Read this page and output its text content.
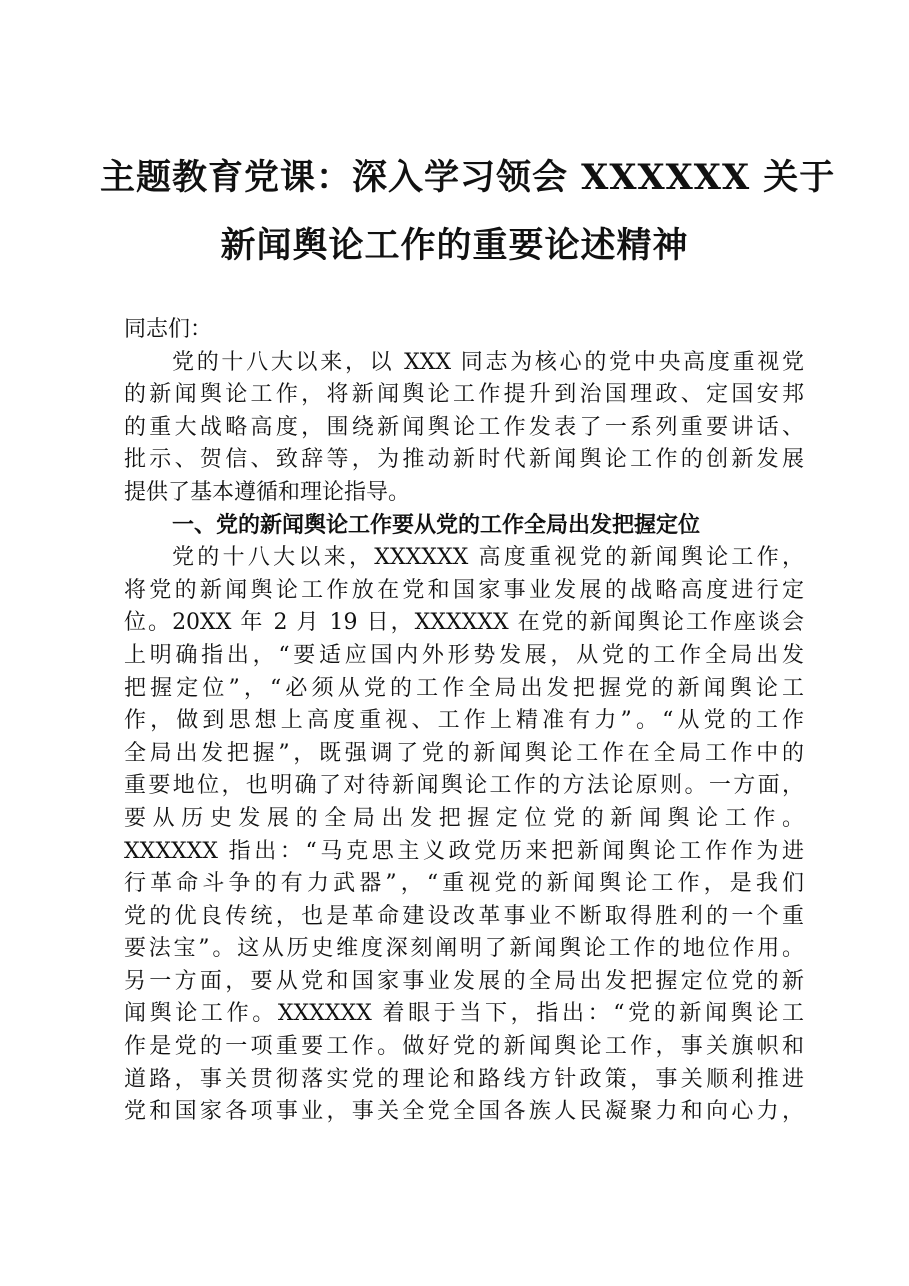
主题教育党课：深入学习领会 XXXXXX 关于
新闻舆论工作的重要论述精神
同志们：
党的十八大以来，以 XXX 同志为核心的党中央高度重视党
的新闻舆论工作，将新闻舆论工作提升到治国理政、定国安邦
的重大战略高度，围绕新闻舆论工作发表了一系列重要讲话、
批示、贺信、致辞等，为推动新时代新闻舆论工作的创新发展
提供了基本遵循和理论指导。
一、党的新闻舆论工作要从党的工作全局出发把握定位
党的十八大以来，XXXXXX 高度重视党的新闻舆论工作，
将党的新闻舆论工作放在党和国家事业发展的战略高度进行定
位。20XX 年 2 月 19 日，XXXXXX 在党的新闻舆论工作座谈会
上明确指出，“要适应国内外形势发展，从党的工作全局出发
把握定位”，“必须从党的工作全局出发把握党的新闻舆论工
作，做到思想上高度重视、工作上精准有力”。“从党的工作
全局出发把握”，既强调了党的新闻舆论工作在全局工作中的
重要地位，也明确了对待新闻舆论工作的方法论原则。一方面，
要从历史发展的全局出发把握定位党的新闻舆论工作。
XXXXXX 指出：“马克思主义政党历来把新闻舆论工作作为进
行革命斗争的有力武器”，“重视党的新闻舆论工作，是我们
党的优良传统，也是革命建设改革事业不断取得胜利的一个重
要法宝”。这从历史维度深刻阐明了新闻舆论工作的地位作用。
另一方面，要从党和国家事业发展的全局出发把握定位党的新
闻舆论工作。XXXXXX 着眼于当下，指出：“党的新闻舆论工
作是党的一项重要工作。做好党的新闻舆论工作，事关旗帜和
道路，事关贯彻落实党的理论和路线方针政策，事关顺利推进
党和国家各项事业，事关全党全国各族人民凝聚力和向心力，
